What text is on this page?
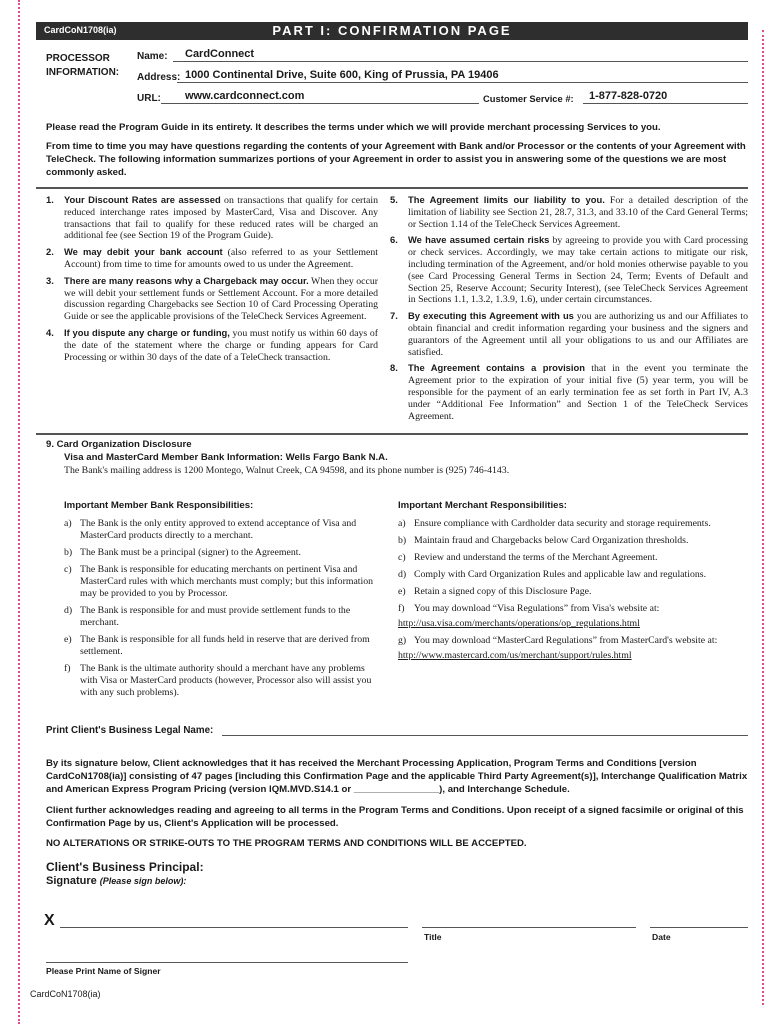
CardCoN1708(ia)	PART I: CONFIRMATION PAGE
PROCESSOR INFORMATION:
Name: CardConnect
Address: 1000 Continental Drive, Suite 600, King of Prussia, PA 19406
URL: www.cardconnect.com	Customer Service #: 1-877-828-0720
Please read the Program Guide in its entirety. It describes the terms under which we will provide merchant processing Services to you.
From time to time you may have questions regarding the contents of your Agreement with Bank and/or Processor or the contents of your Agreement with TeleCheck. The following information summarizes portions of your Agreement in order to assist you in answering some of the questions we are most commonly asked.
1. Your Discount Rates are assessed on transactions that qualify for certain reduced interchange rates imposed by MasterCard, Visa and Discover. Any transactions that fail to qualify for these reduced rates will be charged an additional fee (see Section 19 of the Program Guide).
2. We may debit your bank account (also referred to as your Settlement Account) from time to time for amounts owed to us under the Agreement.
3. There are many reasons why a Chargeback may occur. When they occur we will debit your settlement funds or Settlement Account. For a more detailed discussion regarding Chargebacks see Section 10 of Card Processing Operating Guide or see the applicable provisions of the TeleCheck Services Agreement.
4. If you dispute any charge or funding, you must notify us within 60 days of the date of the statement where the charge or funding appears for Card Processing or within 30 days of the date of a TeleCheck transaction.
5. The Agreement limits our liability to you. For a detailed description of the limitation of liability see Section 21, 28.7, 31.3, and 33.10 of the Card General Terms; or Section 1.14 of the TeleCheck Services Agreement.
6. We have assumed certain risks by agreeing to provide you with Card processing or check services. Accordingly, we may take certain actions to mitigate our risk, including termination of the Agreement, and/or hold monies otherwise payable to you (see Card Processing General Terms in Section 24, Term; Events of Default and Section 25, Reserve Account; Security Interest), (see TeleCheck Services Agreement in Sections 1.1, 1.3.2, 1.3.9, 1.6), under certain circumstances.
7. By executing this Agreement with us you are authorizing us and our Affiliates to obtain financial and credit information regarding your business and the signers and guarantors of the Agreement until all your obligations to us and our Affiliates are satisfied.
8. The Agreement contains a provision that in the event you terminate the Agreement prior to the expiration of your initial five (5) year term, you will be responsible for the payment of an early termination fee as set forth in Part IV, A.3 under “Additional Fee Information” and Section 1 of the TeleCheck Services Agreement.
9. Card Organization Disclosure
Visa and MasterCard Member Bank Information: Wells Fargo Bank N.A.
The Bank's mailing address is 1200 Montego, Walnut Creek, CA 94598, and its phone number is (925) 746-4143.
Important Member Bank Responsibilities:
a) The Bank is the only entity approved to extend acceptance of Visa and MasterCard products directly to a merchant.
b) The Bank must be a principal (signer) to the Agreement.
c) The Bank is responsible for educating merchants on pertinent Visa and MasterCard rules with which merchants must comply; but this information may be provided to you by Processor.
d) The Bank is responsible for and must provide settlement funds to the merchant.
e) The Bank is responsible for all funds held in reserve that are derived from settlement.
f) The Bank is the ultimate authority should a merchant have any problems with Visa or MasterCard products (however, Processor also will assist you with any such problems).
Important Merchant Responsibilities:
a) Ensure compliance with Cardholder data security and storage requirements.
b) Maintain fraud and Chargebacks below Card Organization thresholds.
c) Review and understand the terms of the Merchant Agreement.
d) Comply with Card Organization Rules and applicable law and regulations.
e) Retain a signed copy of this Disclosure Page.
f) You may download “Visa Regulations” from Visa's website at:
http://usa.visa.com/merchants/operations/op_regulations.html
g) You may download “MasterCard Regulations” from MasterCard's website at:
http://www.mastercard.com/us/merchant/support/rules.html
Print Client's Business Legal Name:
By its signature below, Client acknowledges that it has received the Merchant Processing Application, Program Terms and Conditions [version CardCoN1708(ia)] consisting of 47 pages [including this Confirmation Page and the applicable Third Party Agreement(s)], Interchange Qualification Matrix and American Express Program Pricing (version IQM.MVD.S14.1 or ________________), and Interchange Schedule.
Client further acknowledges reading and agreeing to all terms in the Program Terms and Conditions. Upon receipt of a signed facsimile or original of this Confirmation Page by us, Client's Application will be processed.
NO ALTERATIONS OR STRIKE-OUTS TO THE PROGRAM TERMS AND CONDITIONS WILL BE ACCEPTED.
Client's Business Principal:
Signature (Please sign below):
X
Title	Date
Please Print Name of Signer
CardCoN1708(ia)
